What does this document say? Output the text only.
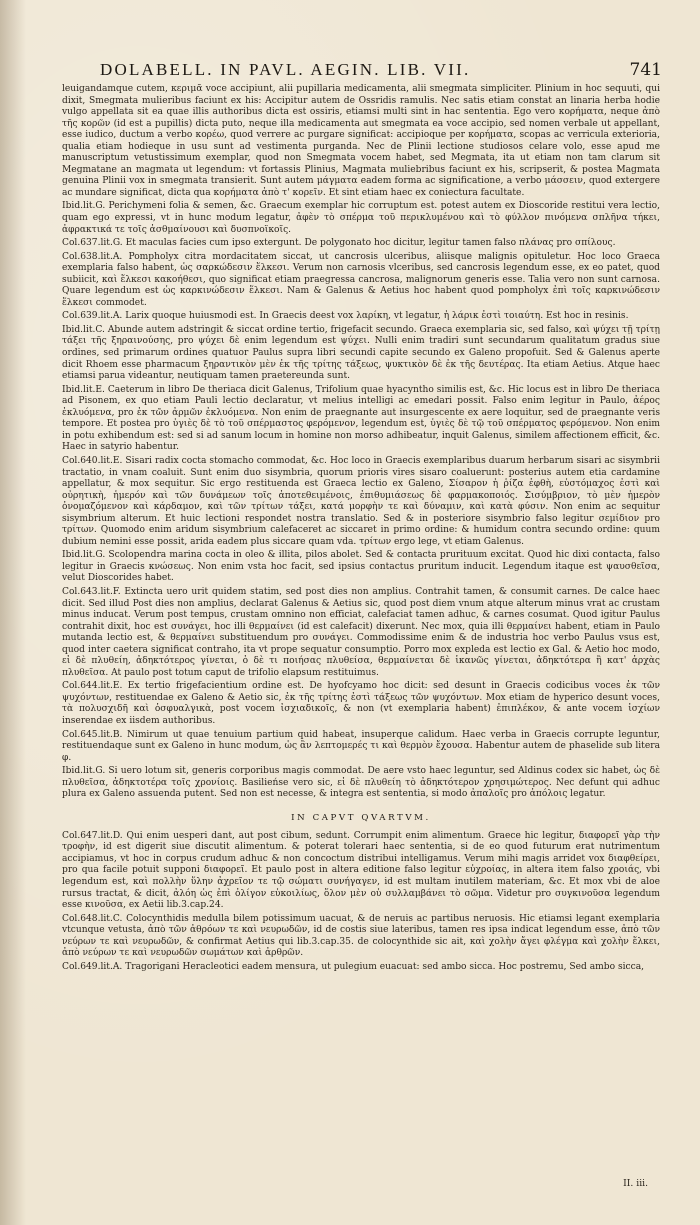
DOLABELL. IN PAVL. AEGIN. LIB. VII.	741

leuigandamque cutem, κεριμᾶ voce accipiunt, alii pupillaria medicamenta, alii smegmata simpliciter. Plinium in hoc sequuti, qui dixit, Smegmata mulieribus faciunt ex his: Accipitur autem de Ossridis ramulis. Nec satis etiam constat an linaria herba hodie vulgo appellata sit ea quae illis authoribus dicta est ossiris, etiamsi multi sint in hac sententia. Ego vero κορήματα, neque ἀπὸ τῆς κορῶν (id est a pupillis) dicta puto, neque illa medicamenta aut smegmata ea voce accipio, sed nomen verbale ut appellant, esse iudico, ductum a verbo κορέω, quod verrere ac purgare significat: accipioque per κορήματα, scopas ac verricula exterioria, qualia etiam hodieque in usu sunt ad vestimenta purganda. Nec de Plinii lectione studiosos celare volo, esse apud me manuscriptum vetustissimum exemplar, quod non Smegmata vocem habet, sed Megmata, ita ut etiam non tam clarum sit Megmatane an magmata ut legendum: vt fortassis Plinius, Magmata muliebribus faciunt ex his, scripserit, & postea Magmata genuina Plinii vox in smegmata transierit. Sunt autem μάγματα eadem forma ac significatione, a verbo μάσσειν, quod extergere ac mundare significat, dicta qua κορήματα ἀπὸ τ' κορεῖν. Et sint etiam haec ex coniectura facultate.

Ibid.lit.G. Perichymeni folia & semen, &c. Graecum exemplar hic corruptum est. potest autem ex Dioscoride restitui vera lectio, quam ego expressi, vt in hunc modum legatur, ἀφὲν τὸ σπέρμα τοῦ περικλυμένου καὶ τὸ φύλλον πινόμενα σπλῆνα τήκει, ἀφρακτικά τε τοῖς ἀσθμαίνουσι καὶ δυσπνοϊκοῖς.

Col.637.lit.G. Et maculas facies cum ipso extergunt. De polygonato hoc dicitur, legitur tamen falso πλάνας pro σπίλους.

Col.638.lit.A. Pompholyx citra mordacitatem siccat, ut cancrosis ulceribus, aliisque malignis opituletur. Hoc loco Graeca exemplaria falso habent, ὡς σαρκώδεσιν ἕλκεσι. Verum non carnosis vlceribus, sed cancrosis legendum esse, ex eo patet, quod subiicit, καὶ ἕλκεσι κακοήθεσι, quo significat etiam praegressa cancrosa, malignorum generis esse. Talia vero non sunt carnosa. Quare legendum est ὡς καρκινώδεσιν ἕλκεσι. Nam & Galenus & Aetius hoc habent quod pompholyx ἐπὶ τοῖς καρκινώδεσιν ἕλκεσι commodet.

Col.639.lit.A. Larix quoque huiusmodi est. In Graecis deest vox λαρίκη, vt legatur, ἡ λάρικ ἐστὶ τοιαύτη. Est hoc in resinis.

Ibid.lit.C. Abunde autem adstringit & siccat ordine tertio, frigefacit secundo. Graeca exemplaria sic, sed falso, καὶ ψύχει τῇ τρίτῃ τάξει τῆς ξηραινούσης, pro ψύχει δὲ enim legendum est ψύχει. Nulli enim tradiri sunt secundarum qualitatum gradus siue ordines, sed primarum ordines quatuor Paulus supra libri secundi capite secundo ex Galeno propofuit. Sed & Galenus aperte dicit Rhoem esse pharmacum ξηραντικὸν μὲν ἐκ τῆς τρίτης τάξεως, ψυκτικὸν δὲ ἐκ τῆς δευτέρας. Ita etiam Aetius. Atque haec etiamsi parua videantur, neutiquam tamen praetereunda sunt.

Ibid.lit.E. Caeterum in libro De theriaca dicit Galenus, Trifolium quae hyacyntho similis est, &c. Hic locus est in libro De theriaca ad Pisonem, ex quo etiam Pauli lectio declaratur, vt melius intelligi ac emedari possit. Falso enim legitur in Paulo, ἀέρος ἐκλυόμενα, pro ἐκ τῶν ἀρμῶν ἐκλυόμενα. Non enim de praegnante aut insurgescente ex aere loquitur, sed de praegnante veris tempore. Et postea pro ὑγιὲς δὲ τὸ τοῦ σπέρμαστος φερόμενον, legendum est, ὑγιὲς δὲ τῷ τοῦ σπέρματος φερόμενον. Non enim in potu exhibendum est: sed si ad sanum locum in homine non morso adhibeatur, inquit Galenus, similem affectionem efficit, &c. Haec in satyrio habentur.

Col.640.lit.E. Sisari radix cocta stomacho commodat, &c. Hoc loco in Graecis exemplaribus duarum herbarum sisari ac sisymbrii tractatio, in vnam coaluit. Sunt enim duo sisymbria, quorum prioris vires sisaro coaluerunt: posterius autem etia cardamine appellatur, & mox sequitur. Sic ergo restituenda est Graeca lectio ex Galeno, Σίσαρον ἡ ῥίζα ἑφθὴ, εὐστόμαχος ἐστὶ καὶ οὐρητικὴ, ἡμερόν καὶ τῶν δυνάμεων τοῖς ἀποτεθειμένοις, ἐπιθυμιάσεως δὲ φαρμακοποιός. Σισύμβριον, τὸ μὲν ἡμερὸν ὀνομαζόμενον καὶ κάρδαμον, καὶ τῶν τρίτων τάξει, κατά μορφὴν τε καὶ δύναμιν, καὶ κατὰ φύσιν. Non enim ac sequitur sisymbrium alterum. Et huic lectioni respondet nostra translatio. Sed & in posteriore sisymbrio falso legitur σεμίδιον pro τρίτων. Quomodo enim aridum sisymbrium calefaceret ac siccaret in primo ordine: & humidum contra secundo ordine: quum dubium nemini esse possit, arida eadem plus siccare quam vda. τρίτων ergo lege, vt etiam Galenus.

Ibid.lit.G. Scolopendra marina cocta in oleo & illita, pilos abolet. Sed & contacta prurituum excitat. Quod hic dixi contacta, falso legitur in Graecis κνώσεως. Non enim vsta hoc facit, sed ipsius contactus pruritum inducit. Legendum itaque est ψαυσθεῖσα, velut Dioscorides habet.

Col.643.lit.F. Extincta uero urit quidem statim, sed post dies non amplius. Contrahit tamen, & consumit carnes. De calce haec dicit. Sed illud Post dies non amplius, declarat Galenus & Aetius sic, quod post diem vnum atque alterum minus vrat ac crustam minus inducat. Verum post tempus, crustam omnino non efficiat, calefaciat tamen adhuc, & carnes cosumat. Quod igitur Paulus contrahit dixit, hoc est συνάγει, hoc illi θερμαίνει (id est calefacit) dixerunt. Nec mox, quia illi θερμαίνει habent, etiam in Paulo mutanda lectio est, & θερμαίνει substituendum pro συνάγει. Commodissime enim & de industria hoc verbo Paulus vsus est, quod inter caetera significat contraho, ita vt prope sequatur consumptio. Porro mox expleda est lectio ex Gal. & Aetio hoc modo, εἰ δὲ πλυθείη, ἀδηκτότερος γίνεται, ὁ δὲ τι ποιήσας πλυθείσα, θερμαίνεται δὲ ἱκανῶς γίνεται, ἀδηκτότερα ἢ κατ' ἀρχὰς πλυθεῖσα. At paulo post totum caput de trifolio elapsum restituimus.

Col.644.lit.E. Ex tertio frigefacientium ordine est. De hyofcyamo hoc dicit: sed desunt in Graecis codicibus voces ἐκ τῶν ψυχόντων, restituendae ex Galeno & Aetio sic, ἐκ τῆς τρίτης ἐστὶ τάξεως τῶν ψυχόντων. Mox etiam de hyperico desunt voces, τὰ πολυσχιδῆ καὶ ὀσφυαλγικὰ, post vocem ἰσχιαδικοῖς, & non (vt exemplaria habent) ἐπιπλέκον, & ante vocem ἰσχίων inserendae ex iisdem authoribus.

Col.645.lit.B. Nimirum ut quae tenuium partium quid habeat, insuperque calidum. Haec verba in Graecis corrupte leguntur, restituendaque sunt ex Galeno in hunc modum, ὡς ἂν λεπτομερές τι καὶ θερμὸν ἔχουσα. Habentur autem de phaselide sub litera φ.

Ibid.lit.G. Si uero lotum sit, generis corporibus magis commodat. De aere vsto haec leguntur, sed Aldinus codex sic habet, ὡς δὲ πλυθεῖσα, ἀδηκτοτέρα τοῖς χρονίοις. Basilieńse vero sic, εἰ δὲ πλυθείη τὸ ἀδηκτότερον χρησιμώτερος. Nec defunt qui adhuc plura ex Galeno assuenda putent. Sed non est necesse, & integra est sententia, si modo ἀπαλοῖς pro ἀπόλοις legatur.

IN CAPVT QVARTVM.

Col.647.lit.D. Qui enim uesperi dant, aut post cibum, sedunt. Corrumpit enim alimentum. Graece hic legitur, διαφορεῖ γὰρ τὴν τροφὴν, id est digerit siue discutit alimentum. & poterat tolerari haec sententia, si de eo quod futurum erat nutrimentum accipiamus, vt hoc in corpus crudum adhuc & non concoctum distribui intelligamus. Verum mihi magis arridet vox διαφθείρει, pro qua facile potuit supponi διαφορεῖ. Et paulo post in altera editione falso legitur εὐχροίας, in altera item falso χροιάς, vbi legendum est, καὶ πολλὴν ὕλην ἀχρεῖον τε τῷ σώματι συνήγαγεν, id est multam inutilem materiam, &c. Et mox vbi de aloe rursus tractat, & dicit, ἀλόη ὡς ἐπὶ ὀλίγον εὐκοιλίως, ὅλον μὲν οὐ συλλαμβάνει τὸ σῶμα. Videtur pro συγκινοῦσα legendum esse κινοῦσα, ex Aetii lib.3.cap.24.

Col.648.lit.C. Colocynthidis medulla bilem potissimum uacuat, & de neruis ac partibus neruosis. Hic etiamsi legant exemplaria vtcunque vetusta, ἀπὸ τῶν ἀθρόων τε καὶ νευρωδῶν, id de costis siue lateribus, tamen res ipsa indicat legendum esse, ἀπὸ τῶν νεύρων τε καὶ νευρωδῶν, & confirmat Aetius qui lib.3.cap.35. de colocynthide sic ait, καὶ χολὴν ἄγει φλέγμα καὶ χολὴν ἕλκει, ἀπὸ νεύρων τε καὶ νευρωδῶν σωμάτων καὶ ἀρθρῶν.

Col.649.lit.A. Tragorigani Heracleotici eadem mensura, ut pulegium euacuat: sed ambo sicca. Hoc postremu, Sed ambo sicca,

II. iii.
